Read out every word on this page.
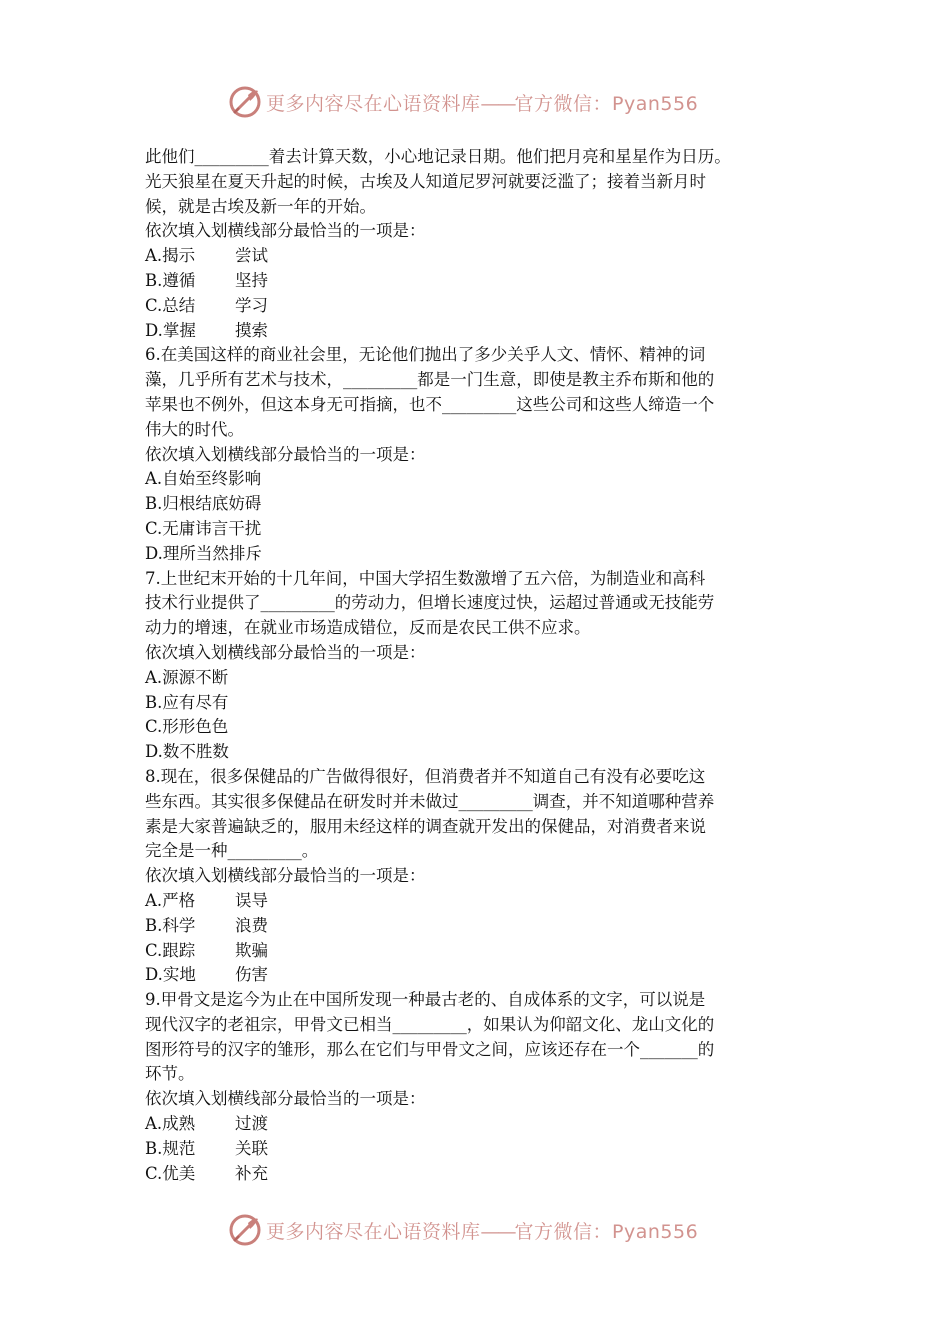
更多内容尽在心语资料库——官方微信：Pyan556

此他们_________着去计算天数，小心地记录日期。他们把月亮和星星作为日历。

光天狼星在夏天升起的时候，古埃及人知道尼罗河就要泛滥了；接着当新月时

候，就是古埃及新一年的开始。

依次填入划横线部分最恰当的一项是：

A.揭示	尝试
B.遵循	坚持
C.总结	学习
D.掌握	摸索

6.在美国这样的商业社会里，无论他们抛出了多少关乎人文、情怀、精神的词

藻，几乎所有艺术与技术，_________都是一门生意，即使是教主乔布斯和他的

苹果也不例外，但这本身无可指摘，也不_________这些公司和这些人缔造一个

伟大的时代。

依次填入划横线部分最恰当的一项是：

A.自始至终影响

B.归根结底妨碍

C.无庸讳言干扰

D.理所当然排斥

7.上世纪末开始的十几年间，中国大学招生数激增了五六倍，为制造业和高科

技术行业提供了_________的劳动力，但增长速度过快，运超过普通或无技能劳

动力的增速，在就业市场造成错位，反而是农民工供不应求。

依次填入划横线部分最恰当的一项是：

A.源源不断

B.应有尽有

C.形形色色

D.数不胜数

8.现在，很多保健品的广告做得很好，但消费者并不知道自己有没有必要吃这

些东西。其实很多保健品在研发时并未做过_________调查，并不知道哪种营养

素是大家普遍缺乏的，服用未经这样的调查就开发出的保健品，对消费者来说

完全是一种_________。

依次填入划横线部分最恰当的一项是：

A.严格	误导
B.科学	浪费
C.跟踪	欺骗
D.实地	伤害

9.甲骨文是迄今为止在中国所发现一种最古老的、自成体系的文字，可以说是

现代汉字的老祖宗，甲骨文已相当_________，如果认为仰韶文化、龙山文化的

图形符号的汉字的雏形，那么在它们与甲骨文之间，应该还存在一个_______的

环节。

依次填入划横线部分最恰当的一项是：

A.成熟	过渡
B.规范	关联
C.优美	补充
更多内容尽在心语资料库——官方微信：Pyan556
